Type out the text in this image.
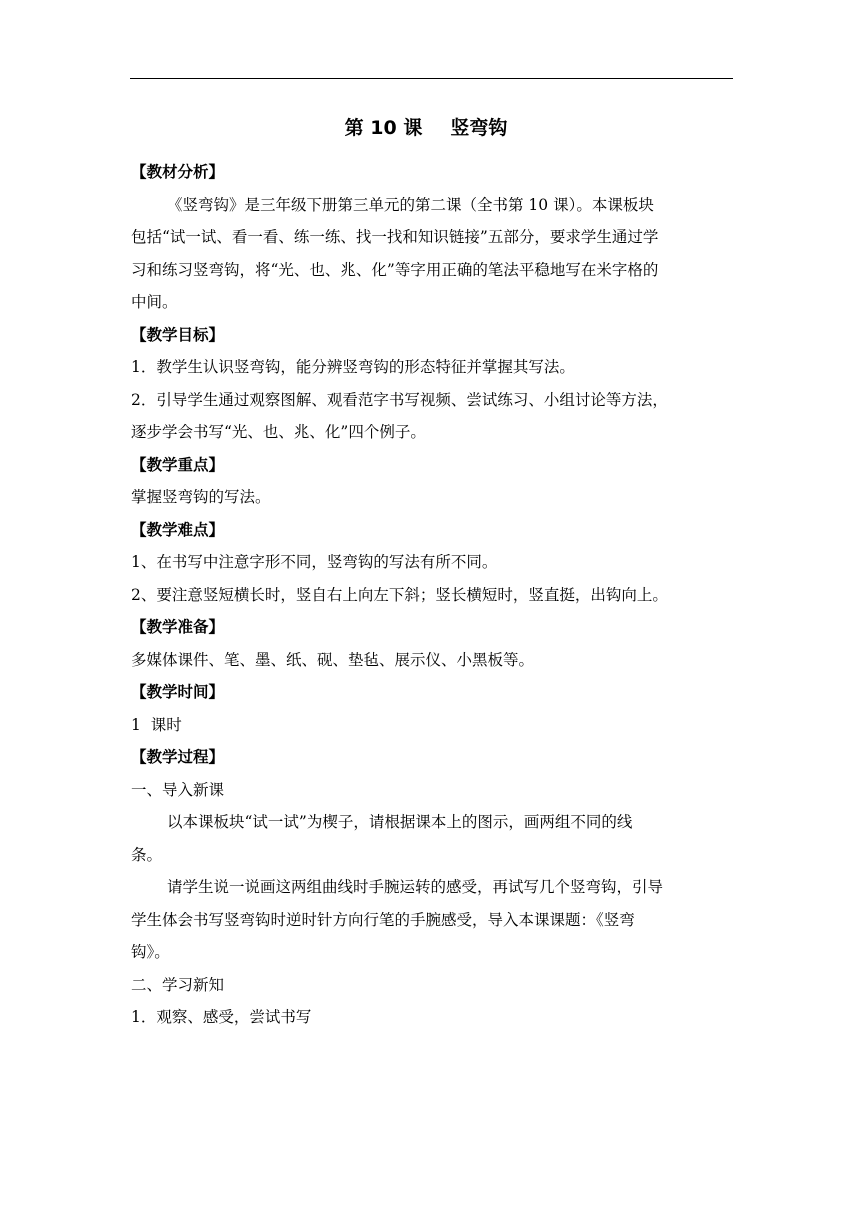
第 10 课 竖弯钩

【教材分析】

《竖弯钩》是三年级下册第三单元的第二课（全书第 10 课）。本课板块

包括“试一试、看一看、练一练、找一找和知识链接”五部分，要求学生通过学

习和练习竖弯钩，将“光、也、兆、化”等字用正确的笔法平稳地写在米字格的

中间。

【教学目标】

1．教学生认识竖弯钩，能分辨竖弯钩的形态特征并掌握其写法。

2．引导学生通过观察图解、观看范字书写视频、尝试练习、小组讨论等方法，

逐步学会书写“光、也、兆、化”四个例子。

【教学重点】

掌握竖弯钩的写法。

【教学难点】

1、在书写中注意字形不同，竖弯钩的写法有所不同。

2、要注意竖短横长时，竖自右上向左下斜；竖长横短时，竖直挺，出钩向上。

【教学准备】

多媒体课件、笔、墨、纸、砚、垫毡、展示仪、小黑板等。

【教学时间】

1  课时

【教学过程】

一、导入新课

以本课板块“试一试”为楔子，请根据课本上的图示，画两组不同的线

条。

请学生说一说画这两组曲线时手腕运转的感受，再试写几个竖弯钩，引导

学生体会书写竖弯钩时逆时针方向行笔的手腕感受，导入本课课题：《竖弯

钩》。

二、学习新知

1．观察、感受，尝试书写
